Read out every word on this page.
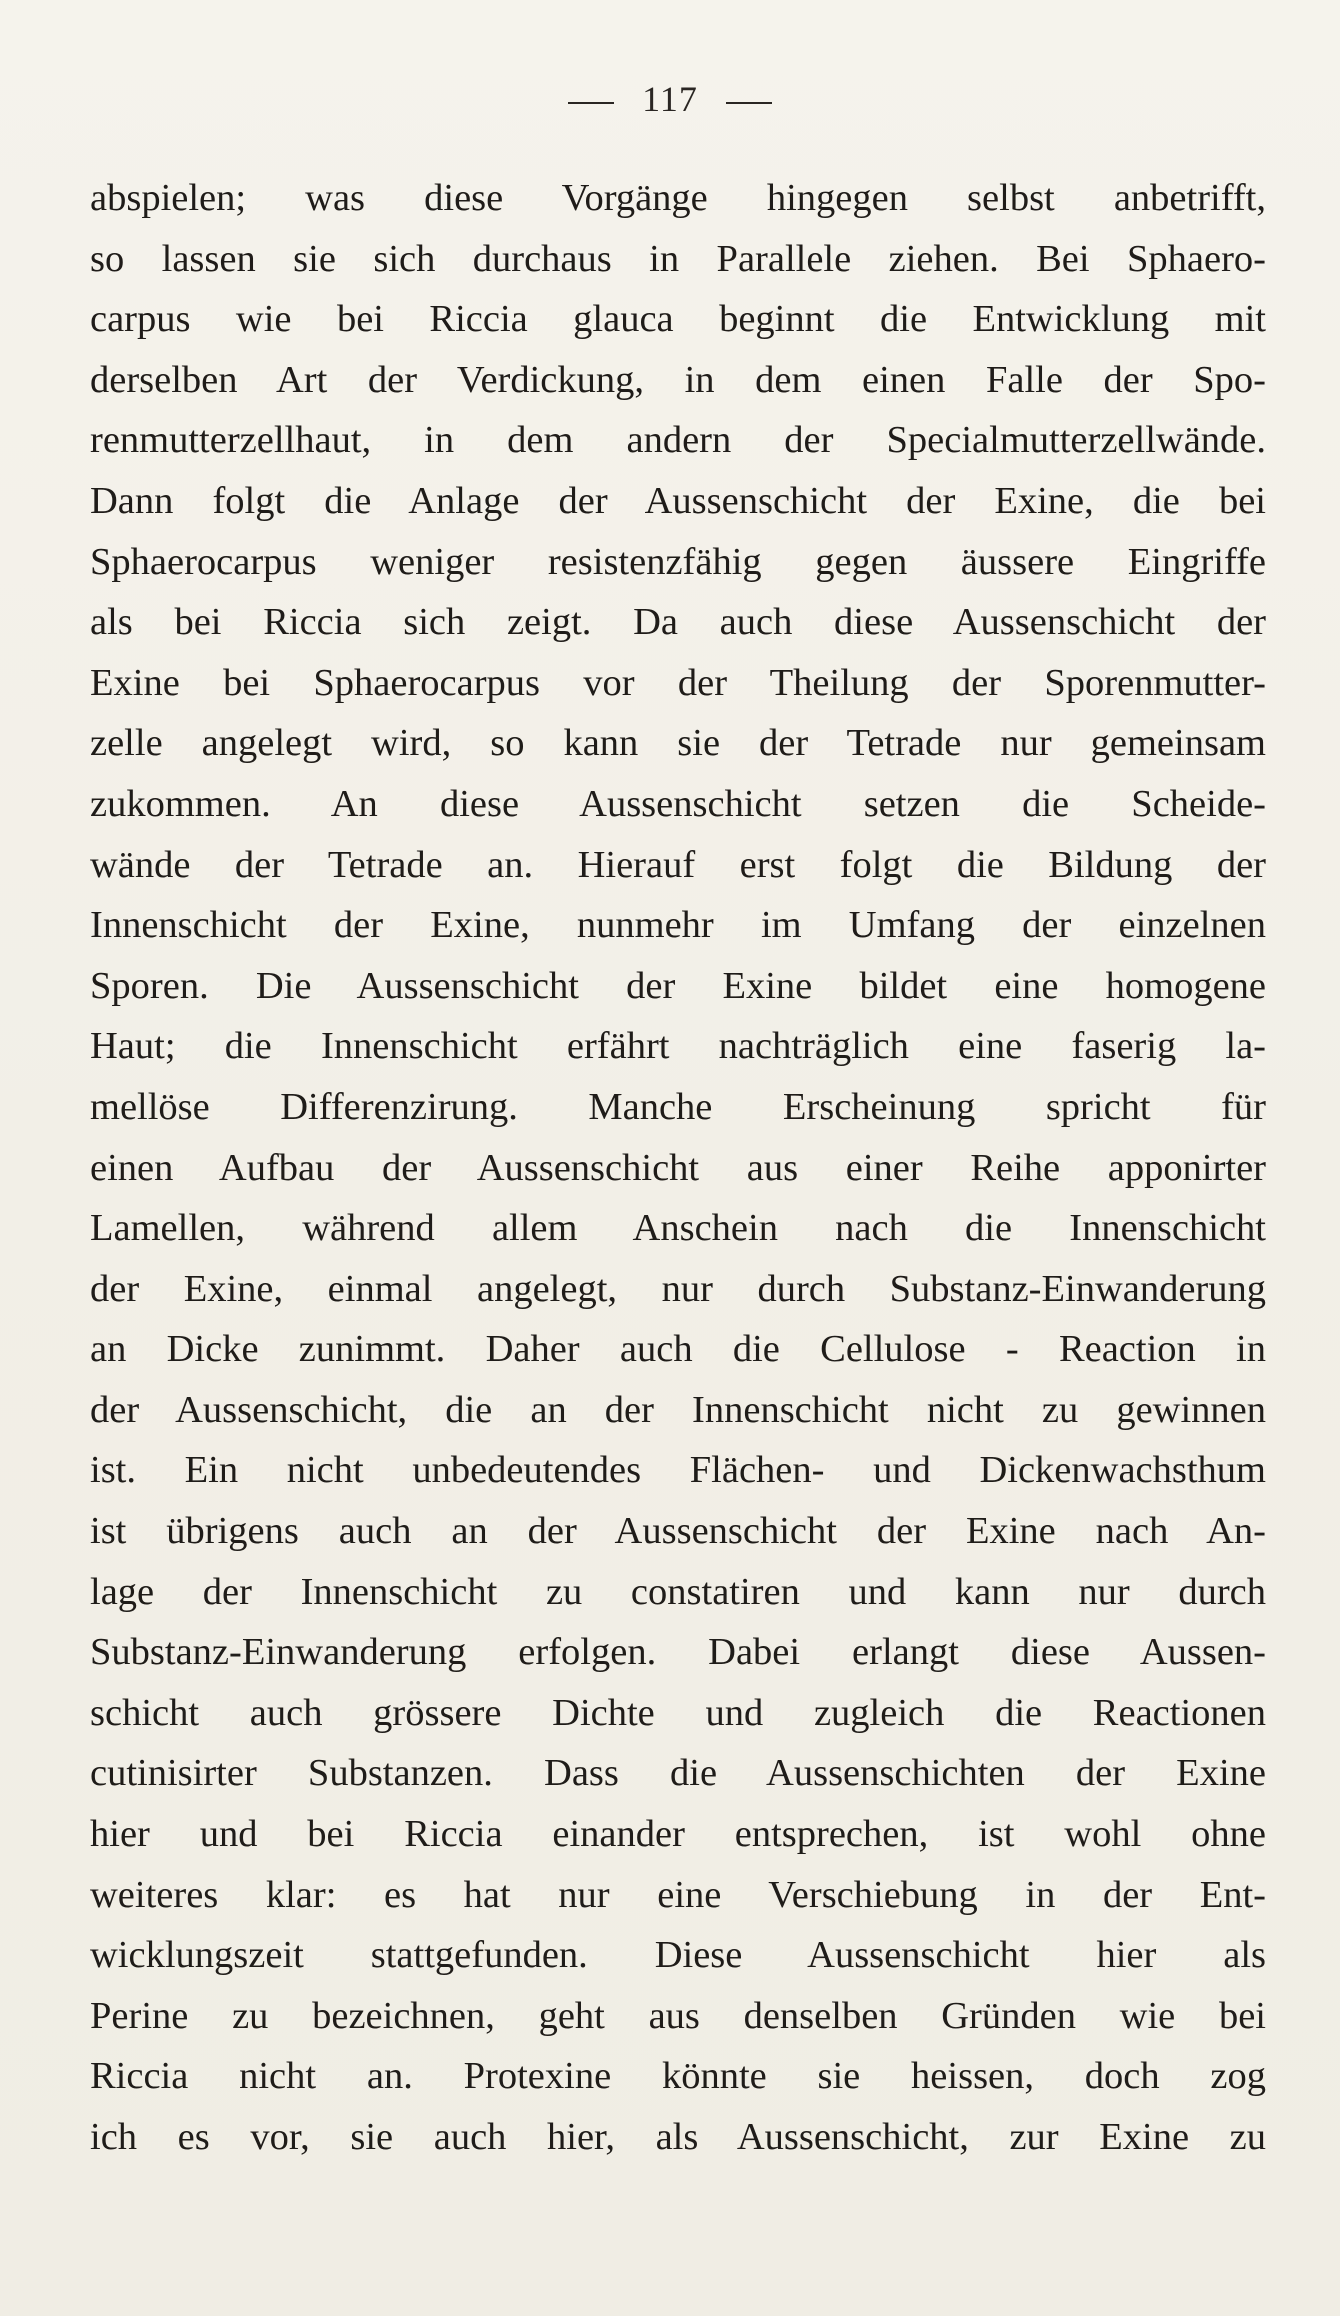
117
abspielen; was diese Vorgänge hingegen selbst anbetrifft,
so lassen sie sich durchaus in Parallele ziehen. Bei Sphaero-
carpus wie bei Riccia glauca beginnt die Entwicklung mit
derselben Art der Verdickung, in dem einen Falle der Spo-
renmutterzellhaut, in dem andern der Specialmutterzellwände.
Dann folgt die Anlage der Aussenschicht der Exine, die bei
Sphaerocarpus weniger resistenzfähig gegen äussere Eingriffe
als bei Riccia sich zeigt. Da auch diese Aussenschicht der
Exine bei Sphaerocarpus vor der Theilung der Sporenmutter-
zelle angelegt wird, so kann sie der Tetrade nur gemeinsam
zukommen. An diese Aussenschicht setzen die Scheide-
wände der Tetrade an. Hierauf erst folgt die Bildung der
Innenschicht der Exine, nunmehr im Umfang der einzelnen
Sporen. Die Aussenschicht der Exine bildet eine homogene
Haut; die Innenschicht erfährt nachträglich eine faserig la-
mellöse Differenzirung. Manche Erscheinung spricht für
einen Aufbau der Aussenschicht aus einer Reihe apponirter
Lamellen, während allem Anschein nach die Innenschicht
der Exine, einmal angelegt, nur durch Substanz-Einwanderung
an Dicke zunimmt. Daher auch die Cellulose - Reaction in
der Aussenschicht, die an der Innenschicht nicht zu gewinnen
ist. Ein nicht unbedeutendes Flächen- und Dickenwachsthum
ist übrigens auch an der Aussenschicht der Exine nach An-
lage der Innenschicht zu constatiren und kann nur durch
Substanz-Einwanderung erfolgen. Dabei erlangt diese Aussen-
schicht auch grössere Dichte und zugleich die Reactionen
cutinisirter Substanzen. Dass die Aussenschichten der Exine
hier und bei Riccia einander entsprechen, ist wohl ohne
weiteres klar: es hat nur eine Verschiebung in der Ent-
wicklungszeit stattgefunden. Diese Aussenschicht hier als
Perine zu bezeichnen, geht aus denselben Gründen wie bei
Riccia nicht an. Protexine könnte sie heissen, doch zog
ich es vor, sie auch hier, als Aussenschicht, zur Exine zu
